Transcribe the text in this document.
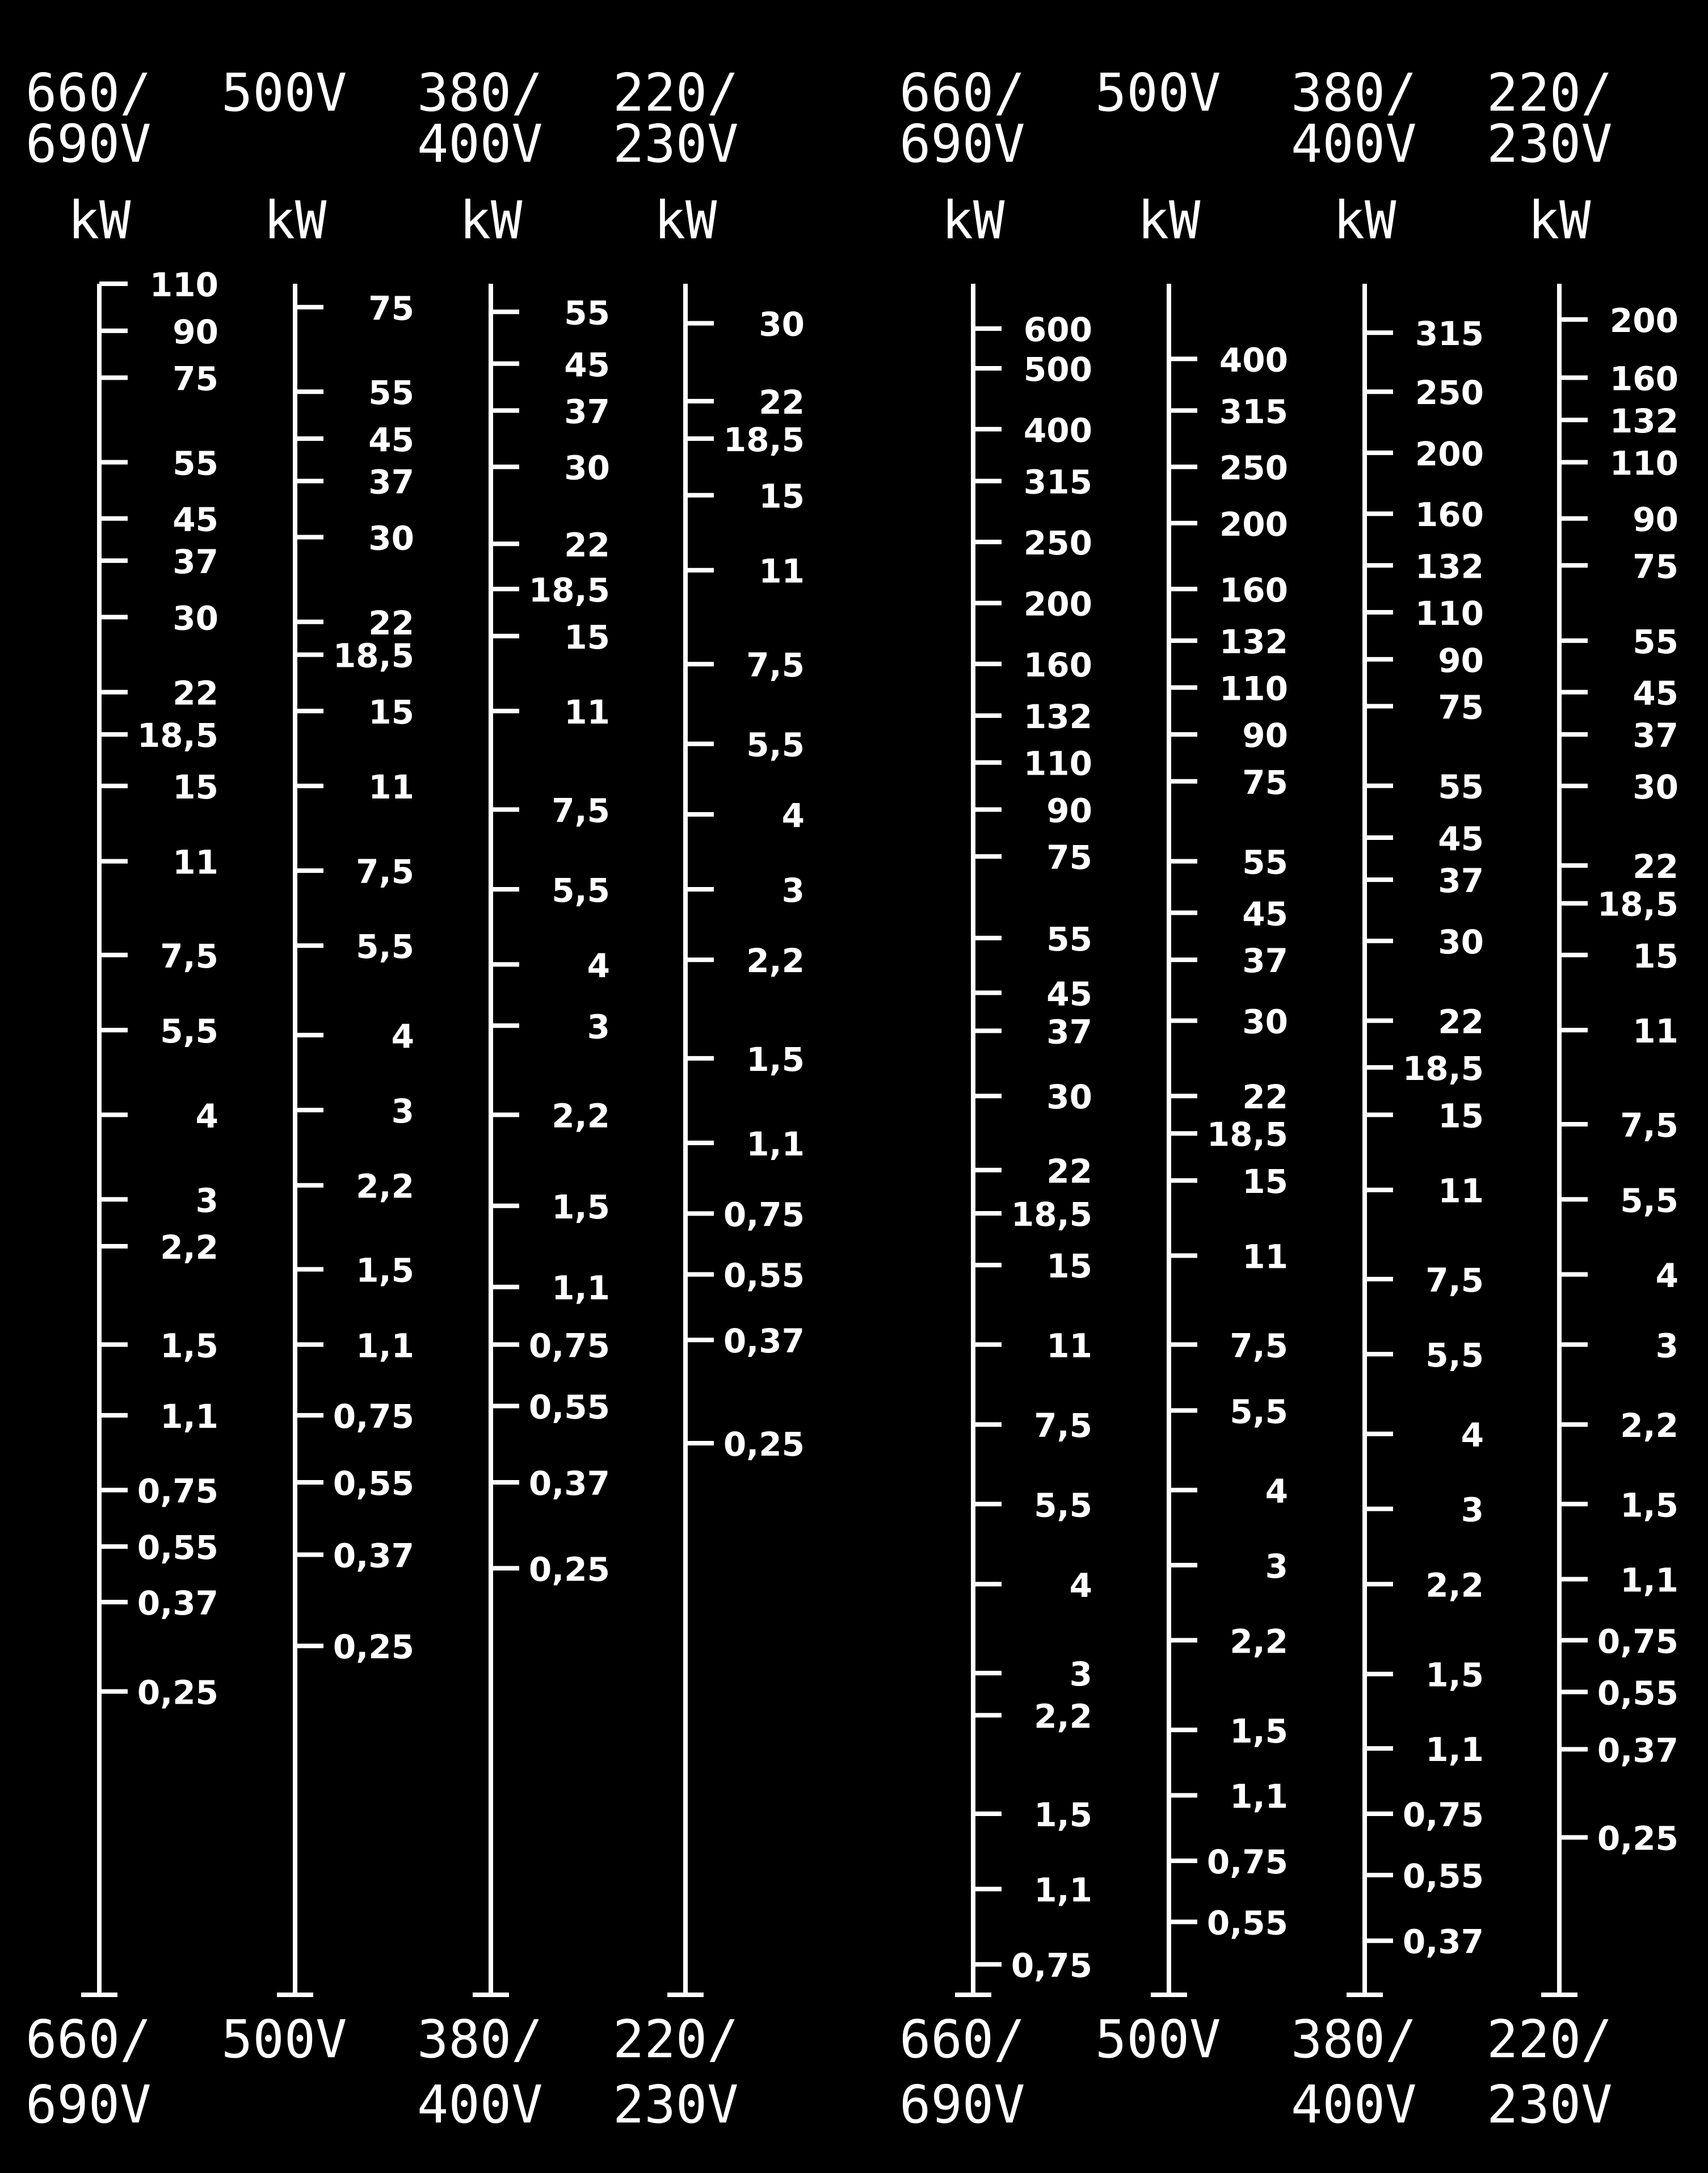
660/
690V
kW
110
90
75
55
45
37
30
22
18,5
15
11
7,5
5,5
4
3
2,2
1,5
1,1
0,75
0,55
0,37
0,25
660/
690V
500V
kW
75
55
45
37
30
22
18,5
15
11
7,5
5,5
4
3
2,2
1,5
1,1
0,75
0,55
0,37
0,25
500V
380/
400V
kW
55
45
37
30
22
18,5
15
11
7,5
5,5
4
3
2,2
1,5
1,1
0,75
0,55
0,37
0,25
380/
400V
220/
230V
kW
30
22
18,5
15
11
7,5
5,5
4
3
2,2
1,5
1,1
0,75
0,55
0,37
0,25
220/
230V
660/
690V
kW
600
500
400
315
250
200
160
132
110
90
75
55
45
37
30
22
18,5
15
11
7,5
5,5
4
3
2,2
1,5
1,1
0,75
660/
690V
500V
kW
400
315
250
200
160
132
110
90
75
55
45
37
30
22
18,5
15
11
7,5
5,5
4
3
2,2
1,5
1,1
0,75
0,55
500V
380/
400V
kW
315
250
200
160
132
110
90
75
55
45
37
30
22
18,5
15
11
7,5
5,5
4
3
2,2
1,5
1,1
0,75
0,55
0,37
380/
400V
220/
230V
kW
200
160
132
110
90
75
55
45
37
30
22
18,5
15
11
7,5
5,5
4
3
2,2
1,5
1,1
0,75
0,55
0,37
0,25
220/
230V
